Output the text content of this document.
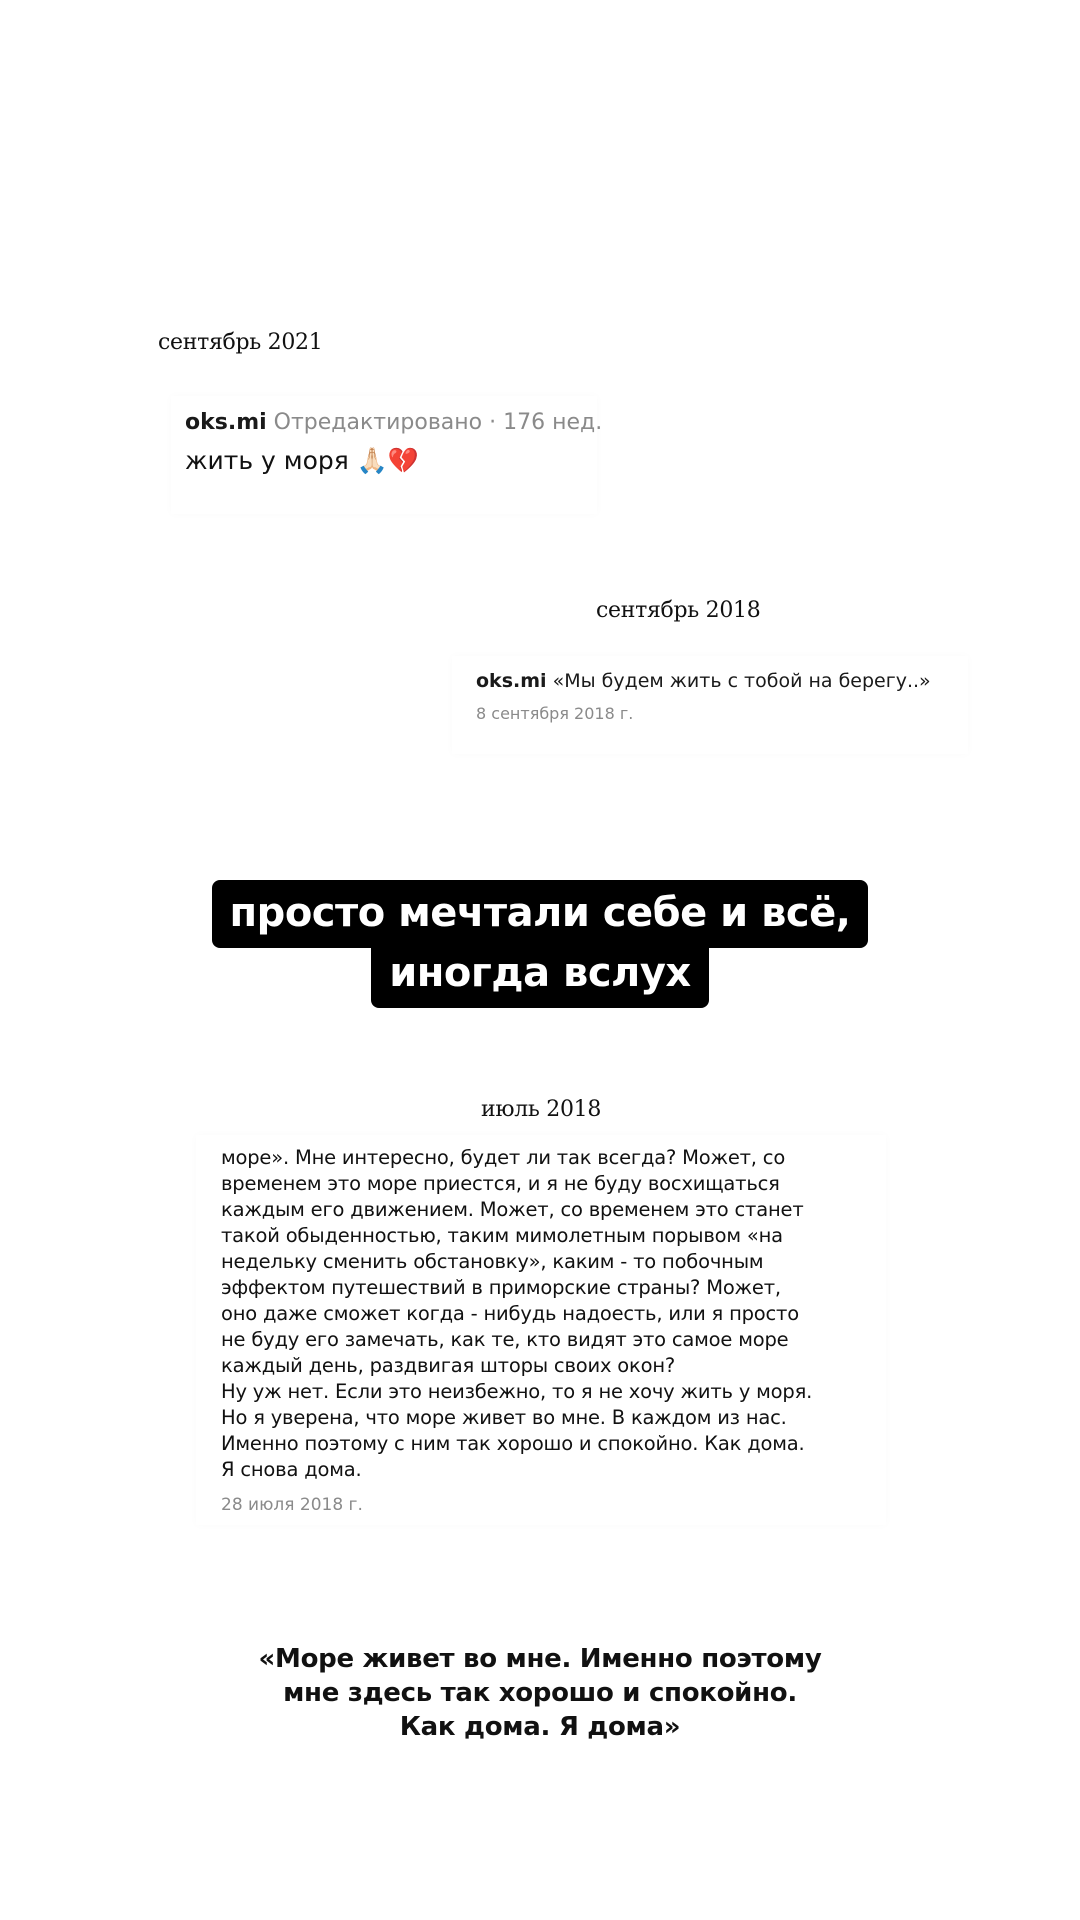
сентябрь 2021
oks.mi Отредактировано · 176 нед.
жить у моря 🙏🏻💔
сентябрь 2018
oks.mi «Мы будем жить с тобой на берегу..»
8 сентября 2018 г.
просто мечтали себе и всё,
иногда вслух
июль 2018

море». Мне интересно, будет ли так всегда? Может, со

временем это море приестся, и я не буду восхищаться

каждым его движением. Может, со временем это станет

такой обыденностью, таким мимолетным порывом «на

недельку сменить обстановку», каким - то побочным

эффектом путешествий в приморские страны? Может,

оно даже сможет когда - нибудь надоесть, или я просто

не буду его замечать, как те, кто видят это самое море

каждый день, раздвигая шторы своих окон?

Ну уж нет. Если это неизбежно, то я не хочу жить у моря.

Но я уверена, что море живет во мне. В каждом из нас.

Именно поэтому с ним так хорошо и спокойно. Как дома.

Я снова дома.

28 июля 2018 г.
«Море живет во мне. Именно поэтому
мне здесь так хорошо и спокойно.
Как дома. Я дома»
